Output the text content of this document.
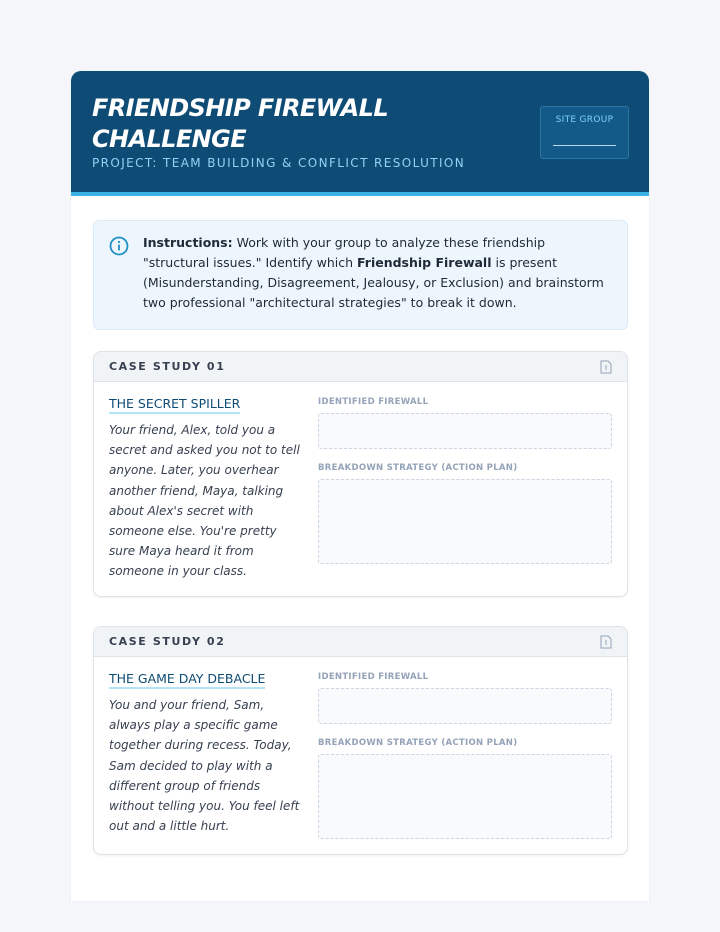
FRIENDSHIP FIREWALL CHALLENGE
PROJECT: TEAM BUILDING & CONFLICT RESOLUTION
SITE GROUP
Instructions: Work with your group to analyze these friendship "structural issues." Identify which Friendship Firewall is present (Misunderstanding, Disagreement, Jealousy, or Exclusion) and brainstorm two professional "architectural strategies" to break it down.
CASE STUDY 01
THE SECRET SPILLER
Your friend, Alex, told you a secret and asked you not to tell anyone. Later, you overhear another friend, Maya, talking about Alex's secret with someone else. You're pretty sure Maya heard it from someone in your class.
IDENTIFIED FIREWALL
BREAKDOWN STRATEGY (ACTION PLAN)
CASE STUDY 02
THE GAME DAY DEBACLE
You and your friend, Sam, always play a specific game together during recess. Today, Sam decided to play with a different group of friends without telling you. You feel left out and a little hurt.
IDENTIFIED FIREWALL
BREAKDOWN STRATEGY (ACTION PLAN)
